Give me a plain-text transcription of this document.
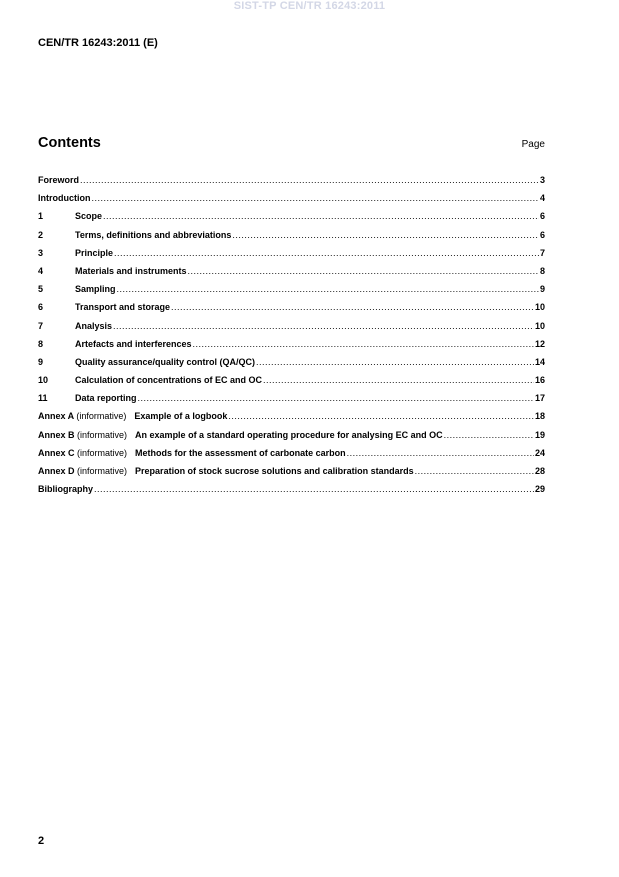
SIST-TP CEN/TR 16243:2011
CEN/TR 16243:2011 (E)
Contents	Page
Foreword .....	3
Introduction .....	4
1	Scope .....	6
2	Terms, definitions and abbreviations .....	6
3	Principle .....	7
4	Materials and instruments .....	8
5	Sampling .....	9
6	Transport and storage .....	10
7	Analysis .....	10
8	Artefacts and interferences .....	12
9	Quality assurance/quality control (QA/QC) .....	14
10	Calculation of concentrations of EC and OC .....	16
11	Data reporting .....	17
Annex A (informative) Example of a logbook .....	18
Annex B (informative) An example of a standard operating procedure for analysing EC and OC .....	19
Annex C (informative) Methods for the assessment of carbonate carbon .....	24
Annex D (informative) Preparation of stock sucrose solutions and calibration standards .....	28
Bibliography .....	29
2
